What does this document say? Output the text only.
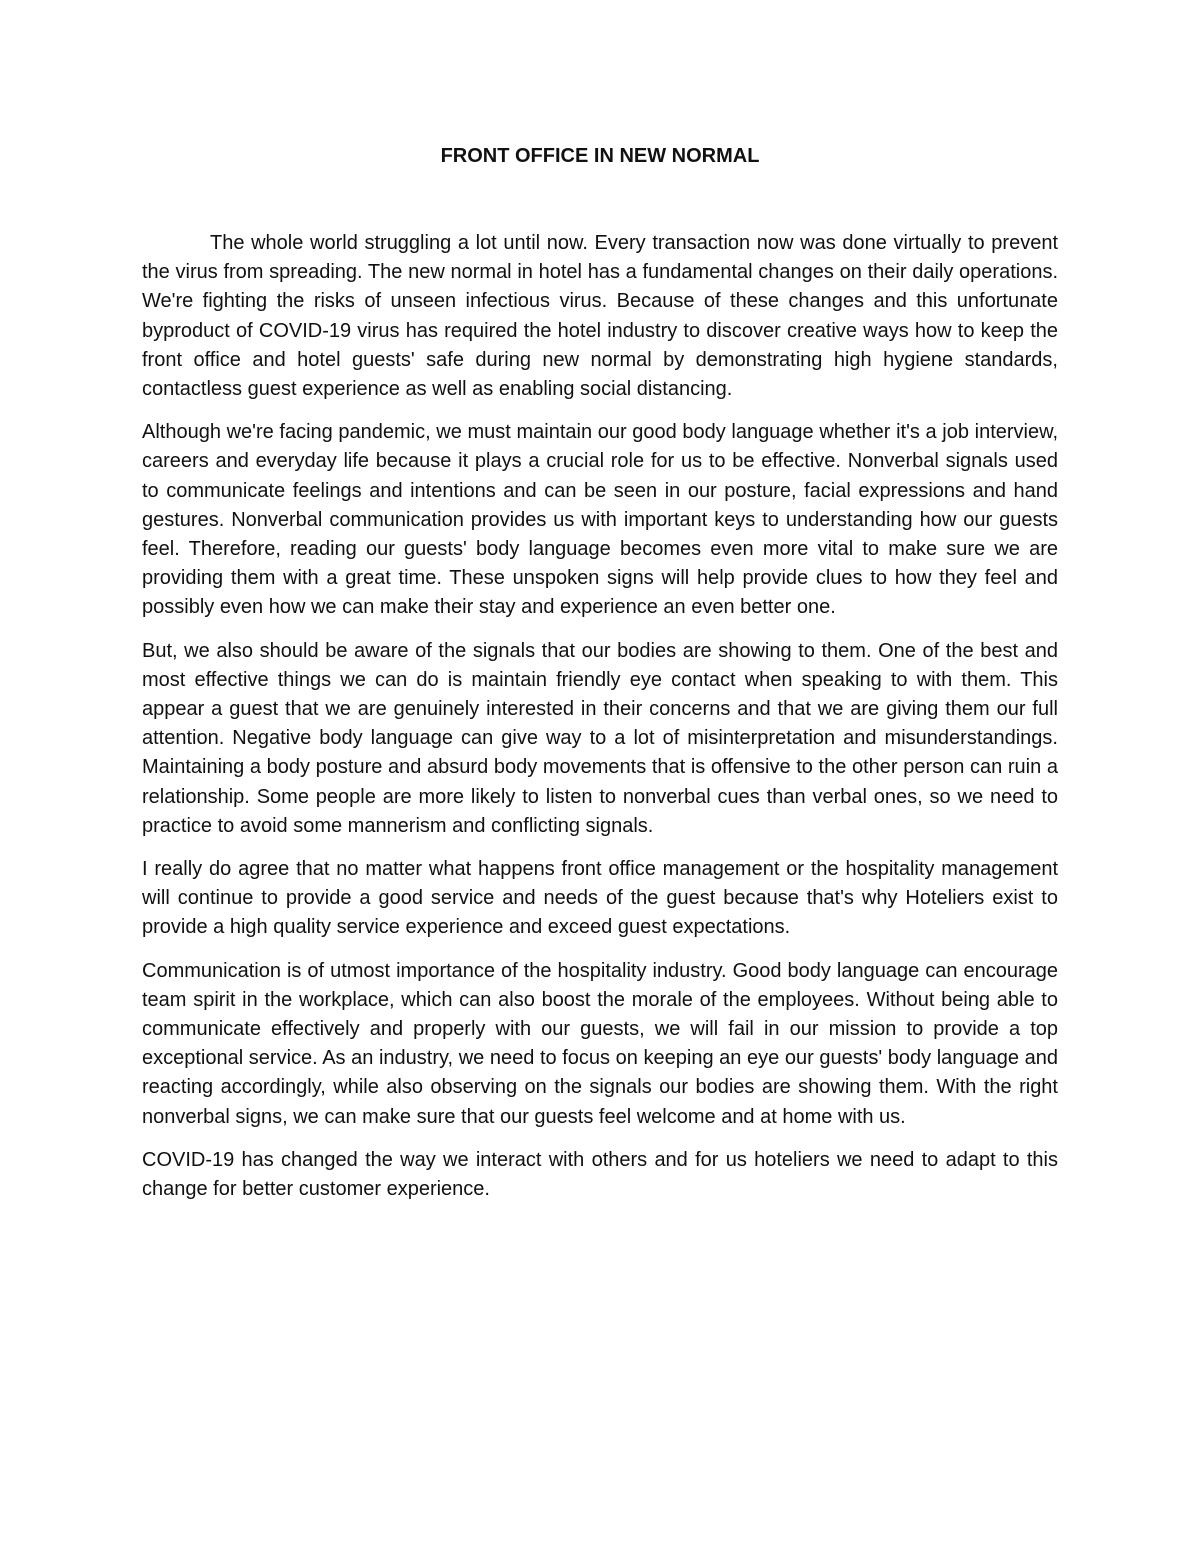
FRONT OFFICE IN NEW NORMAL

The whole world struggling a lot until now. Every transaction now was done virtually to prevent the virus from spreading. The new normal in hotel has a fundamental changes on their daily operations. We're fighting the risks of unseen infectious virus. Because of these changes and this unfortunate byproduct of COVID-19 virus has required the hotel industry to discover creative ways how to keep the front office and hotel guests' safe during new normal by demonstrating high hygiene standards, contactless guest experience as well as enabling social distancing.

Although we're facing pandemic, we must maintain our good body language whether it's a job interview, careers and everyday life because it plays a crucial role for us to be effective. Nonverbal signals used to communicate feelings and intentions and can be seen in our posture, facial expressions and hand gestures. Nonverbal communication provides us with important keys to understanding how our guests feel. Therefore, reading our guests' body language becomes even more vital to make sure we are providing them with a great time. These unspoken signs will help provide clues to how they feel and possibly even how we can make their stay and experience an even better one.

But, we also should be aware of the signals that our bodies are showing to them. One of the best and most effective things we can do is maintain friendly eye contact when speaking to with them. This appear a guest that we are genuinely interested in their concerns and that we are giving them our full attention. Negative body language can give way to a lot of misinterpretation and misunderstandings. Maintaining a body posture and absurd body movements that is offensive to the other person can ruin a relationship. Some people are more likely to listen to nonverbal cues than verbal ones, so we need to practice to avoid some mannerism and conflicting signals.

I really do agree that no matter what happens front office management or the hospitality management will continue to provide a good service and needs of the guest because that's why Hoteliers exist to provide a high quality service experience and exceed guest expectations.

Communication is of utmost importance of the hospitality industry. Good body language can encourage team spirit in the workplace, which can also boost the morale of the employees. Without being able to communicate effectively and properly with our guests, we will fail in our mission to provide a top exceptional service. As an industry, we need to focus on keeping an eye our guests' body language and reacting accordingly, while also observing on the signals our bodies are showing them. With the right nonverbal signs, we can make sure that our guests feel welcome and at home with us.

COVID-19 has changed the way we interact with others and for us hoteliers we need to adapt to this change for better customer experience.
